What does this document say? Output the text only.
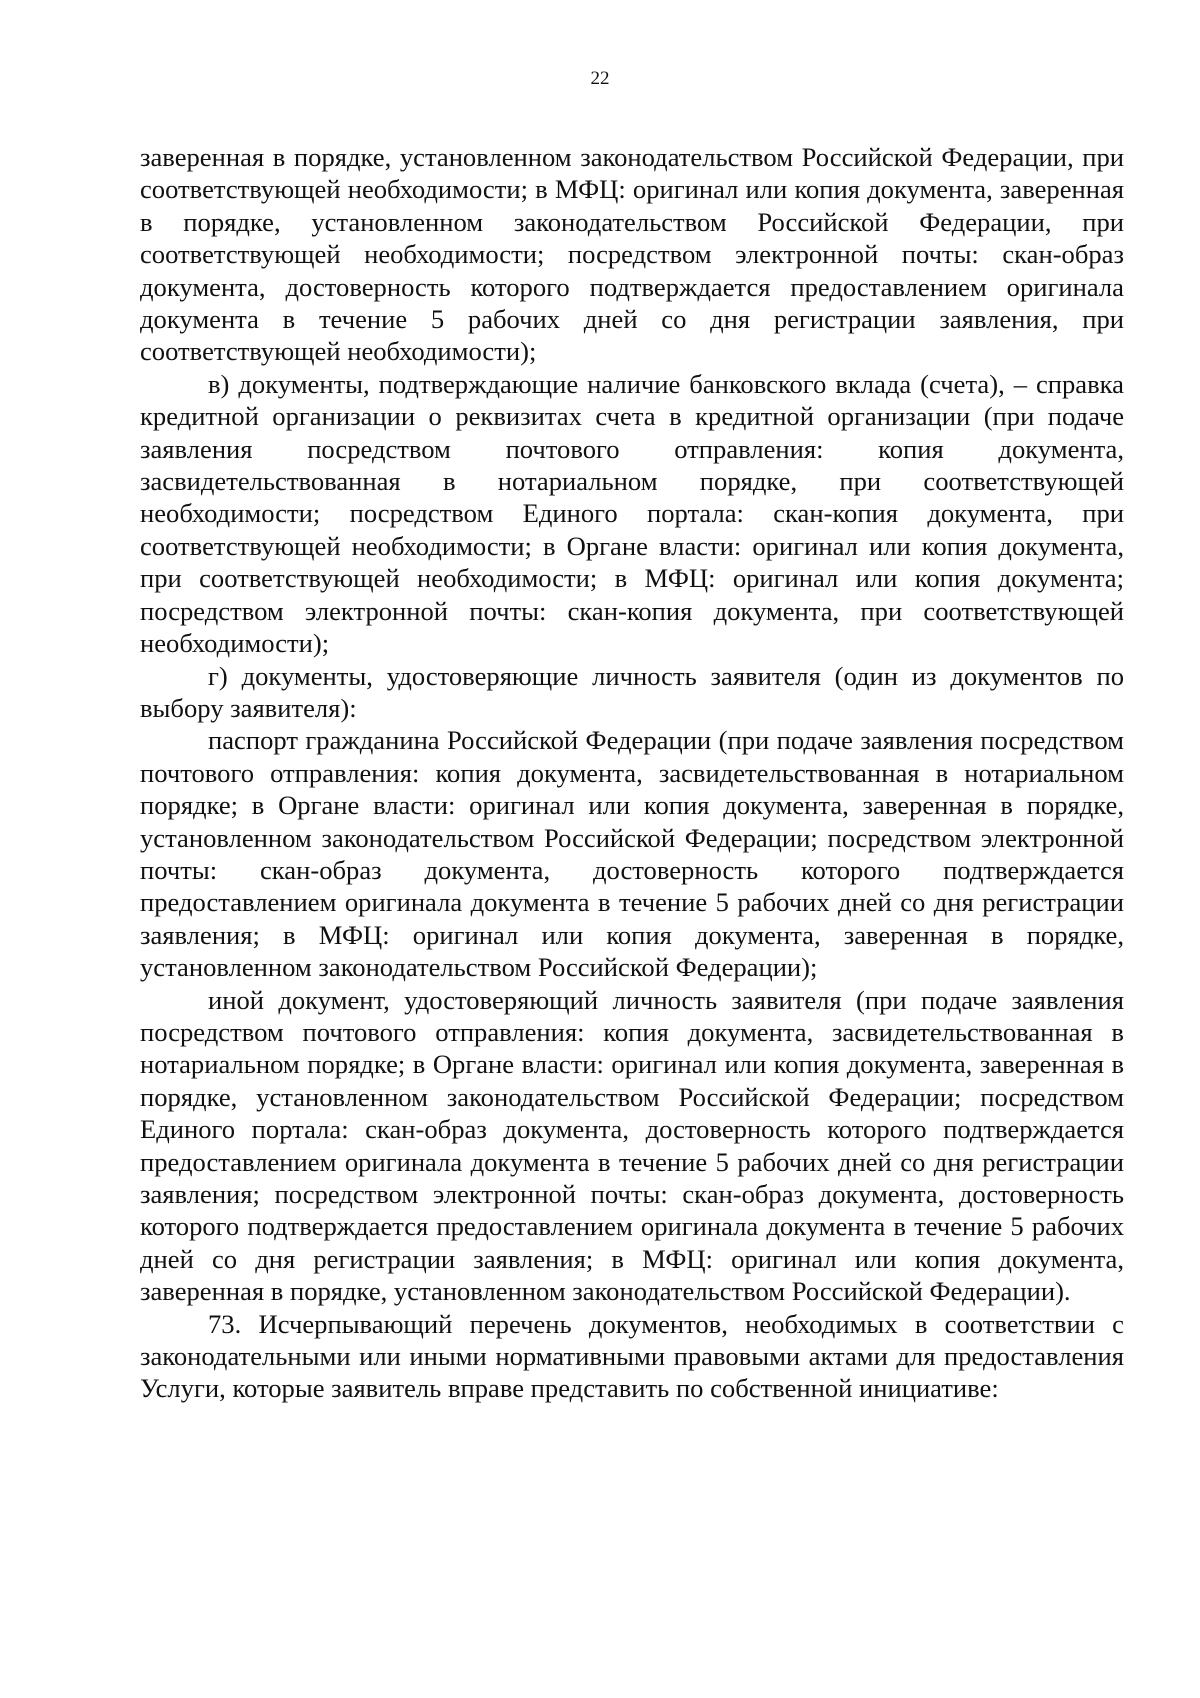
22

заверенная в порядке, установленном законодательством Российской Федерации, при соответствующей необходимости; в МФЦ: оригинал или копия документа, заверенная в порядке, установленном законодательством Российской Федерации, при соответствующей необходимости; посредством электронной почты: скан-образ документа, достоверность которого подтверждается предоставлением оригинала документа в течение 5 рабочих дней со дня регистрации заявления, при соответствующей необходимости);

в) документы, подтверждающие наличие банковского вклада (счета), – справка кредитной организации о реквизитах счета в кредитной организации (при подаче заявления посредством почтового отправления: копия документа, засвидетельствованная в нотариальном порядке, при соответствующей необходимости; посредством Единого портала: скан-копия документа, при соответствующей необходимости; в Органе власти: оригинал или копия документа, при соответствующей необходимости; в МФЦ: оригинал или копия документа; посредством электронной почты: скан-копия документа, при соответствующей необходимости);

г) документы, удостоверяющие личность заявителя (один из документов по выбору заявителя):

паспорт гражданина Российской Федерации (при подаче заявления посредством почтового отправления: копия документа, засвидетельствованная в нотариальном порядке; в Органе власти: оригинал или копия документа, заверенная в порядке, установленном законодательством Российской Федерации; посредством электронной почты: скан-образ документа, достоверность которого подтверждается предоставлением оригинала документа в течение 5 рабочих дней со дня регистрации заявления; в МФЦ: оригинал или копия документа, заверенная в порядке, установленном законодательством Российской Федерации);

иной документ, удостоверяющий личность заявителя (при подаче заявления посредством почтового отправления: копия документа, засвидетельствованная в нотариальном порядке; в Органе власти: оригинал или копия документа, заверенная в порядке, установленном законодательством Российской Федерации; посредством Единого портала: скан-образ документа, достоверность которого подтверждается предоставлением оригинала документа в течение 5 рабочих дней со дня регистрации заявления; посредством электронной почты: скан-образ документа, достоверность которого подтверждается предоставлением оригинала документа в течение 5 рабочих дней со дня регистрации заявления; в МФЦ: оригинал или копия документа, заверенная в порядке, установленном законодательством Российской Федерации).

73. Исчерпывающий перечень документов, необходимых в соответствии с законодательными или иными нормативными правовыми актами для предоставления Услуги, которые заявитель вправе представить по собственной инициативе:
